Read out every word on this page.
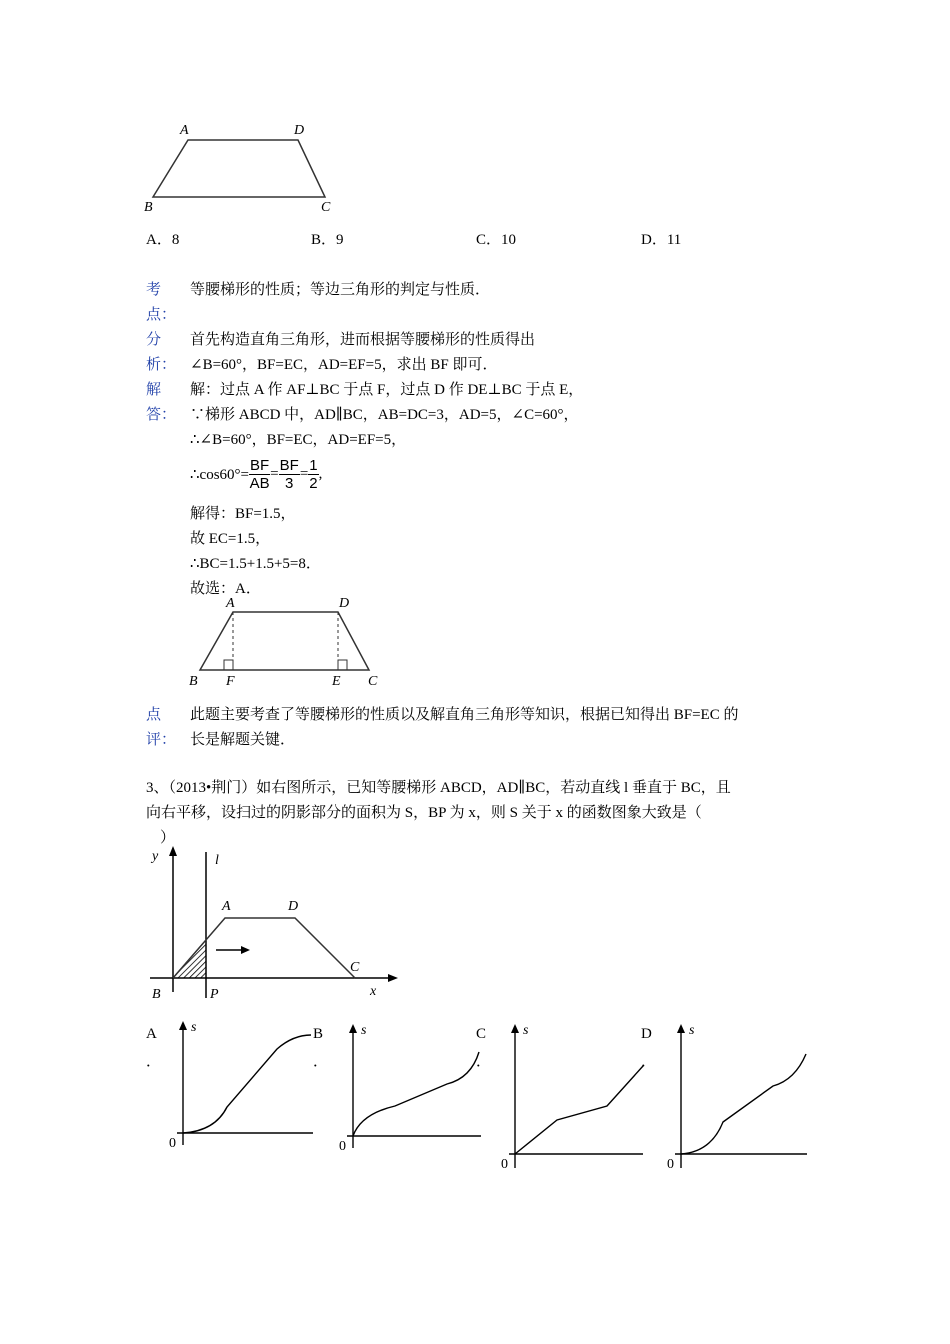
A	D
B	C
A．8	B．9	C．10	D．11
考
点：
等腰梯形的性质；等边三角形的判定与性质．
分
析：
首先构造直角三角形，进而根据等腰梯形的性质得出
∠B=60°，BF=EC，AD=EF=5，求出 BF 即可．
解
答：
解：过点 A 作 AF⊥BC 于点 F，过点 D 作 DE⊥BC 于点 E，
∵梯形 ABCD 中，AD∥BC，AB=DC=3，AD=5，∠C=60°，
∴∠B=60°，BF=EC，AD=EF=5，
∴cos60°= $\frac{BF}{AB} = \frac{BF}{3} = \frac{1}{2}$ ,
解得：BF=1.5，
故 EC=1.5，
∴BC=1.5+1.5+5=8．
故选：A．
A	D
B F	E C
点
评：
此题主要考查了等腰梯形的性质以及解直角三角形等知识，根据已知得出 BF=EC 的
长是解题关键．
3、（2013•荆门）如右图所示，已知等腰梯形 ABCD，AD∥BC，若动直线 l 垂直于 BC，且
向右平移，设扫过的阴影部分的面积为 S，BP 为 x，则 S 关于 x 的函数图象大致是（
）
y	l
A	D
B	P
C
x
A
．
B
．
C
．
D
．
s
0
s
0
s
0
s
0
